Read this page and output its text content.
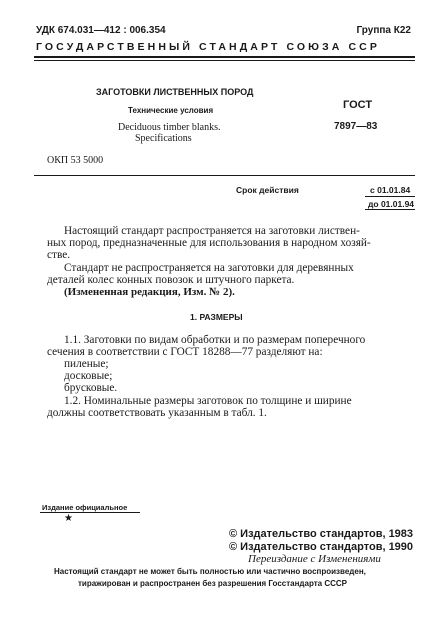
УДК 674.031—412 : 006.354	Группа К22
ГОСУДАРСТВЕННЫЙ СТАНДАРТ СОЮЗА ССР
ЗАГОТОВКИ ЛИСТВЕННЫХ ПОРОД
Технические условия
Deciduous timber blanks.
Specifications
ГОСТ
7897—83
ОКП 53 5000
Срок действия	с 01.01.84
до 01.01.94
Настоящий стандарт распространяется на заготовки листвен-
ных пород, предназначенные для использования в народном хозяй-
стве.
Стандарт не распространяется на заготовки для деревянных
деталей колес конных повозок и штучного паркета.
(Измененная редакция, Изм. № 2).
1. РАЗМЕРЫ
1.1. Заготовки по видам обработки и по размерам поперечного
сечения в соответствии с ГОСТ 18288—77 разделяют на:
пиленые;
досковые;
брусковые.
1.2. Номинальные размеры заготовок по толщине и ширине
должны соответствовать указанным в табл. 1.
Издание официальное
★
© Издательство стандартов, 1983
© Издательство стандартов, 1990
Переиздание с Изменениями
Настоящий стандарт не может быть полностью или частично воспроизведен,
тиражирован и распространен без разрешения Госстандарта СССР
